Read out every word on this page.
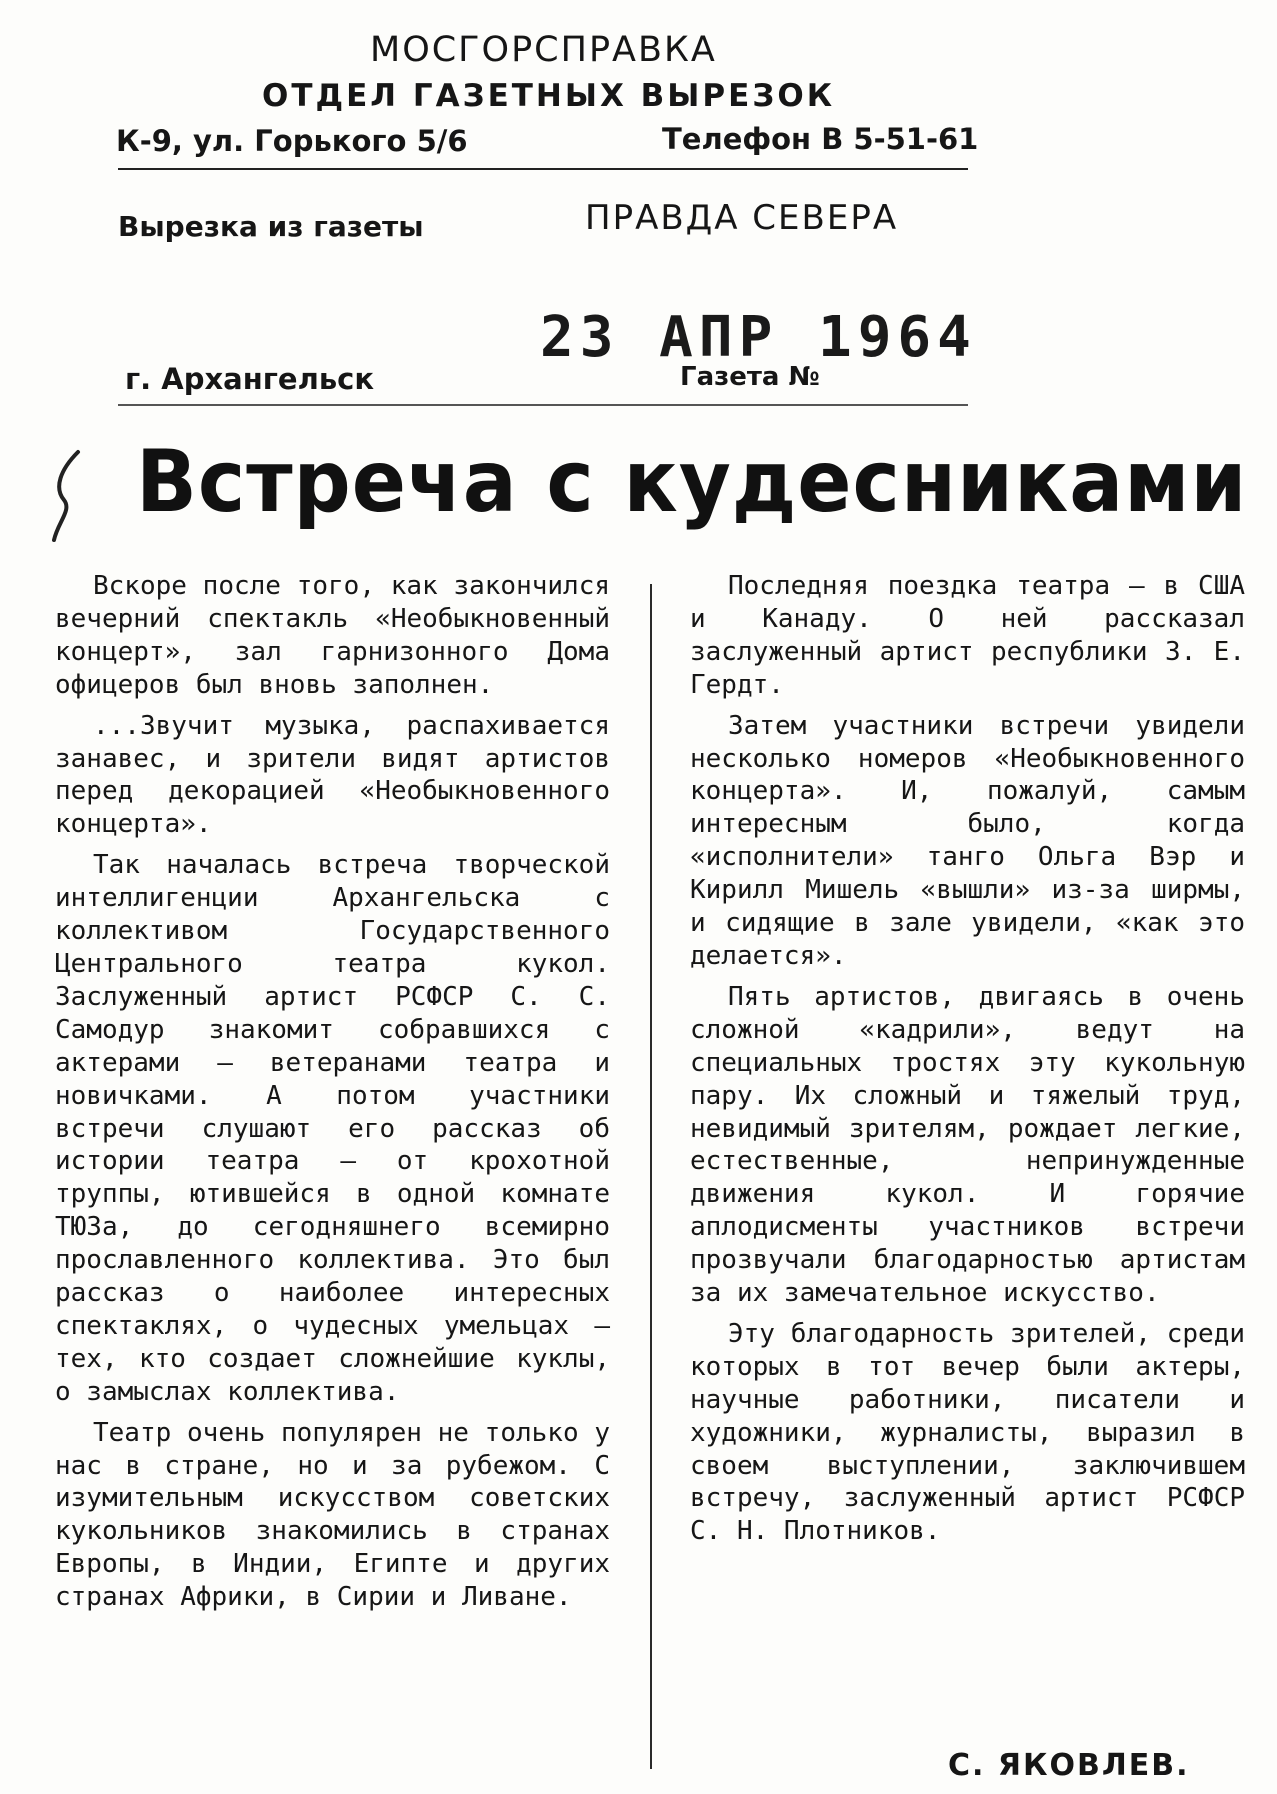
МОСГОРСПРАВКА
ОТДЕЛ ГАЗЕТНЫХ ВЫРЕЗОК
К-9, ул. Горького 5/6	Телефон В 5-51-61
Вырезка из газеты	ПРАВДА СЕВЕРА
23 АПР 1964
г. Архангельск	Газета №
Встреча с кудесниками

Вскоре после того, как закончился вечерний спектакль «Необыкновенный концерт», зал гарнизонного Дома офицеров был вновь заполнен.

...Звучит музыка, распахивается занавес, и зрители видят артистов перед декорацией «Необыкновенного концерта».

Так началась встреча творческой интеллигенции Архангельска с коллективом Государственного Центрального театра кукол. Заслуженный артист РСФСР С. С. Самодур знакомит собравшихся с актерами — ветеранами театра и новичками. А потом участники встречи слушают его рассказ об истории театра — от крохотной труппы, ютившейся в одной комнате ТЮЗа, до сегодняшнего всемирно прославленного коллектива. Это был рассказ о наиболее интересных спектаклях, о чудесных умельцах — тех, кто создает сложнейшие куклы, о замыслах коллектива.

Театр очень популярен не только у нас в стране, но и за рубежом. С изумительным искусством советских кукольников знакомились в странах Европы, в Индии, Египте и других странах Африки, в Сирии и Ливане.

Последняя поездка театра — в США и Канаду. О ней рассказал заслуженный артист республики З. Е. Гердт.

Затем участники встречи увидели несколько номеров «Необыкновенного концерта». И, пожалуй, самым интересным было, когда «исполнители» танго Ольга Вэр и Кирилл Мишель «вышли» из-за ширмы, и сидящие в зале увидели, «как это делается».

Пять артистов, двигаясь в очень сложной «кадрили», ведут на специальных тростях эту кукольную пару. Их сложный и тяжелый труд, невидимый зрителям, рождает легкие, естественные, непринужденные движения кукол. И горячие аплодисменты участников встречи прозвучали благодарностью артистам за их замечательное искусство.

Эту благодарность зрителей, среди которых в тот вечер были актеры, научные работники, писатели и художники, журналисты, выразил в своем выступлении, заключившем встречу, заслуженный артист РСФСР С. Н. Плотников.

С. ЯКОВЛЕВ.
